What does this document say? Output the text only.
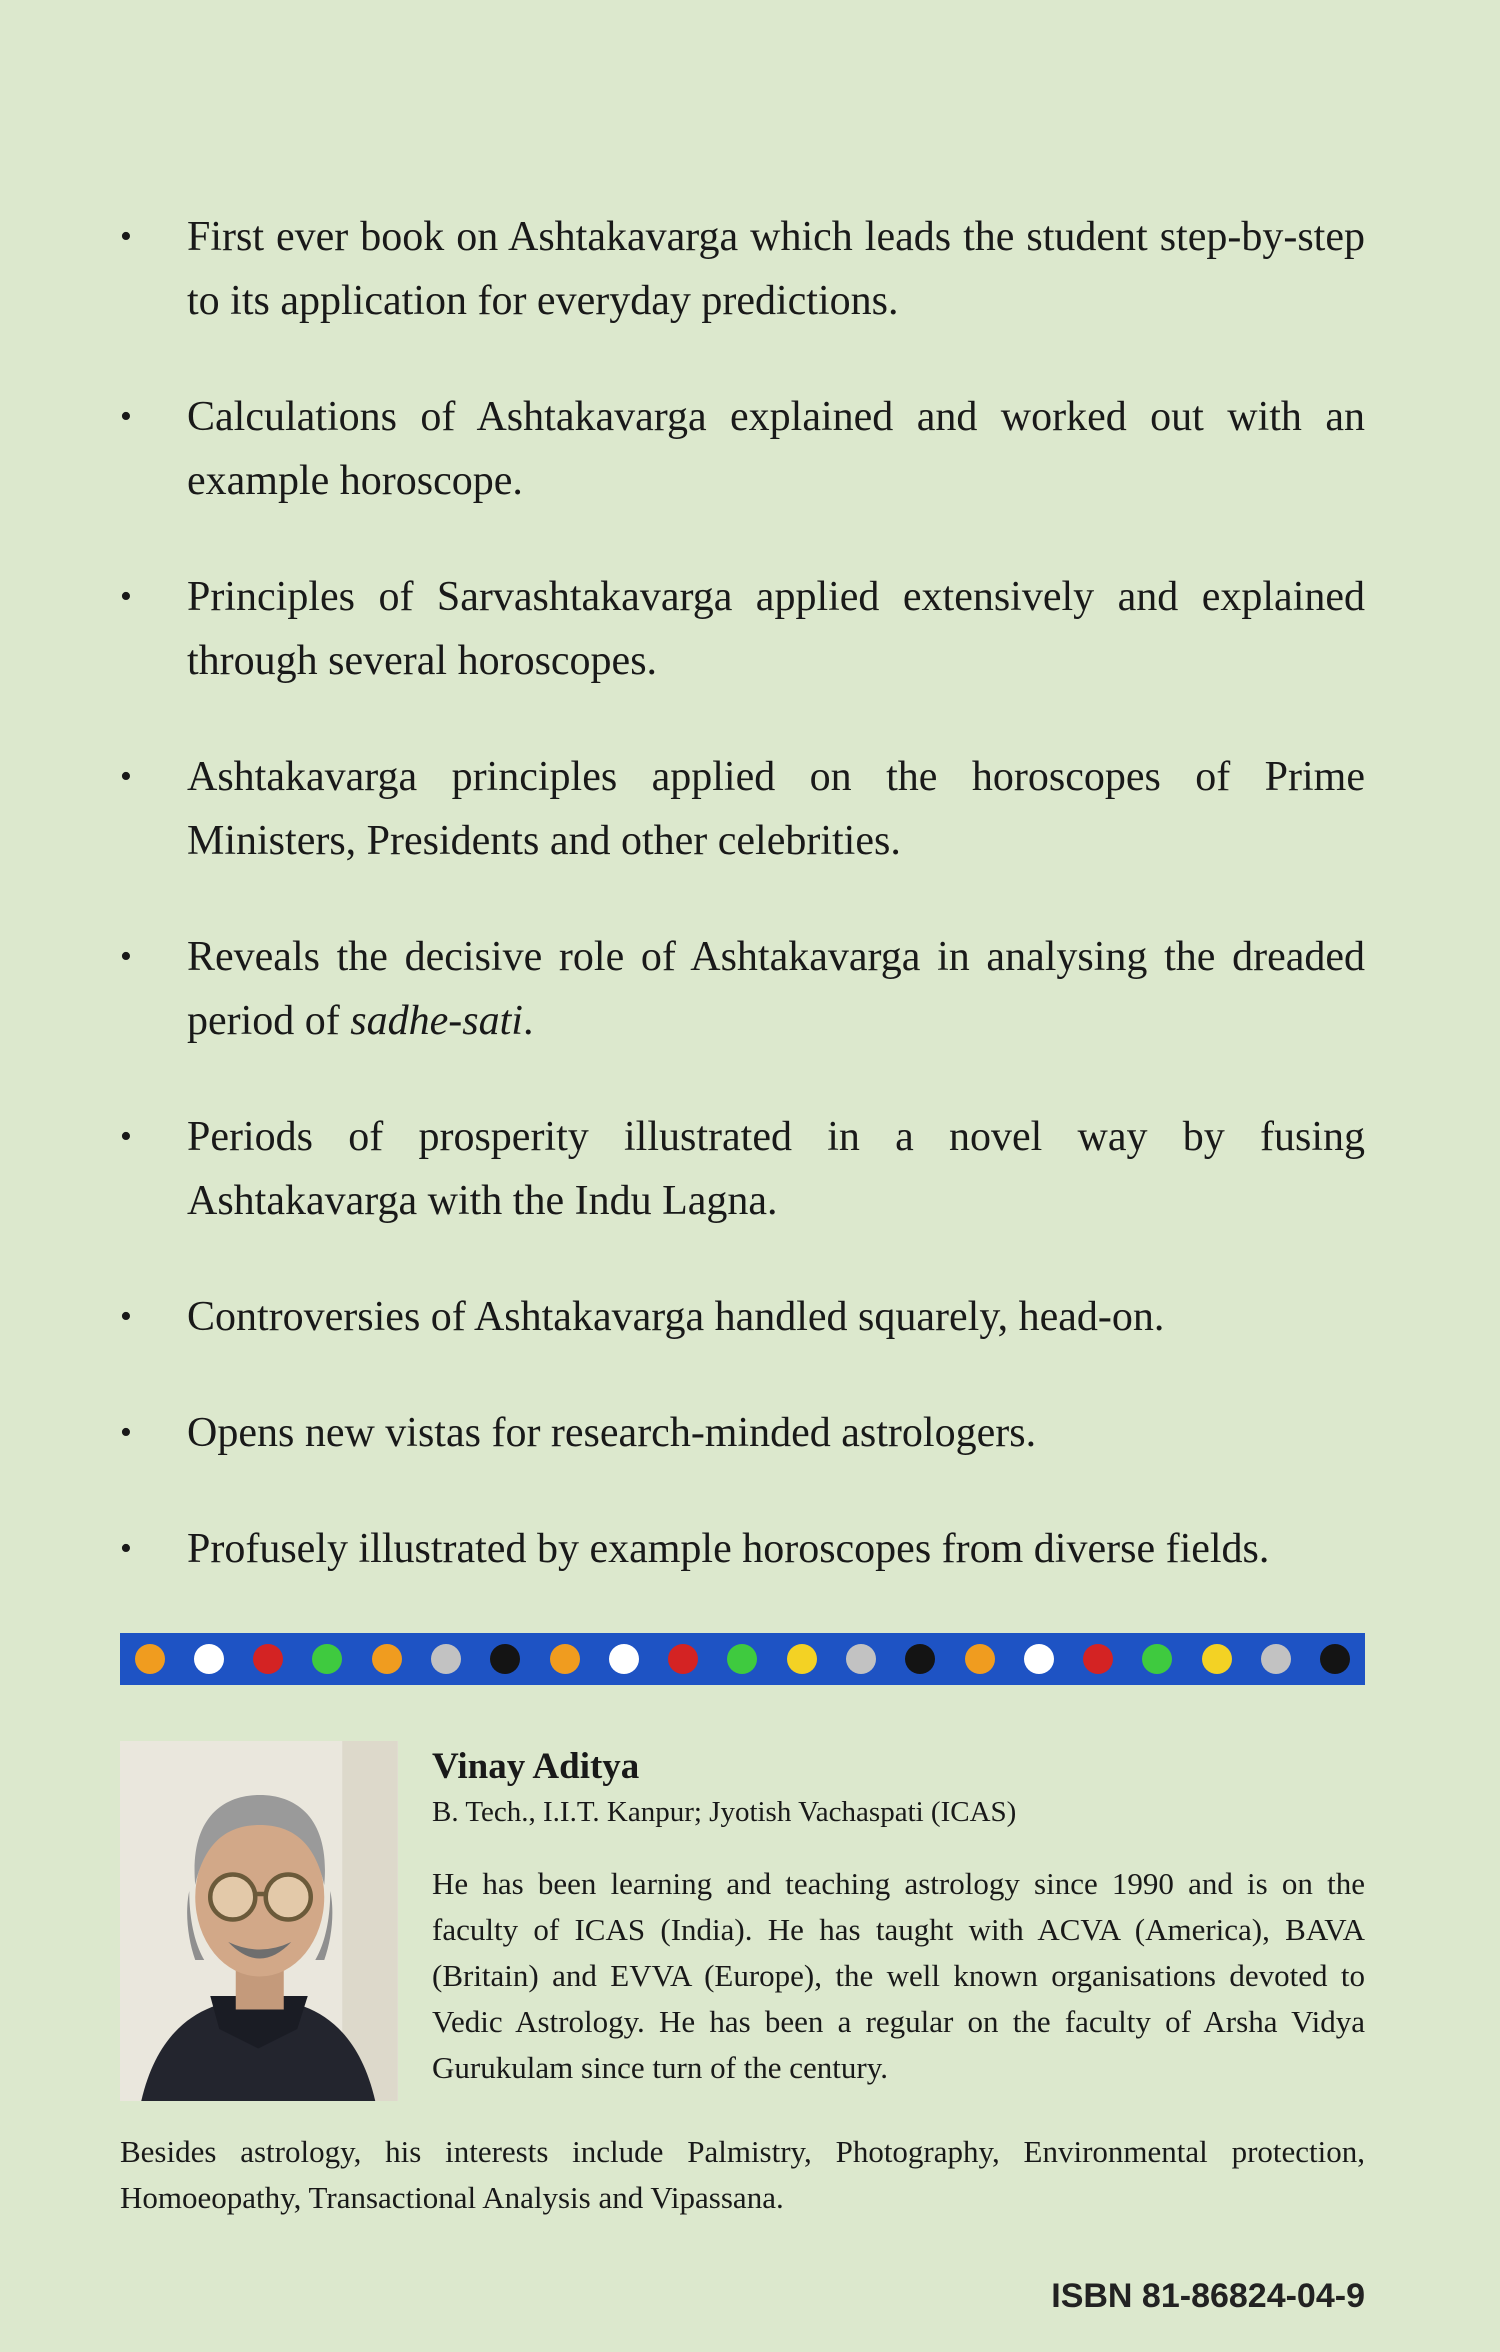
•	First ever book on Ashtakavarga which leads the student step-by-step to its application for everyday predictions.
•	Calculations of Ashtakavarga explained and worked out with an example horoscope.
•	Principles of Sarvashtakavarga applied extensively and explained through several horoscopes.
•	Ashtakavarga principles applied on the horoscopes of Prime Ministers, Presidents and other celebrities.
•	Reveals the decisive role of Ashtakavarga in analysing the dreaded period of sadhe-sati.
•	Periods of prosperity illustrated in a novel way by fusing Ashtakavarga with the Indu Lagna.
•	Controversies of Ashtakavarga handled squarely, head-on.
•	Opens new vistas for research-minded astrologers.
•	Profusely illustrated by example horoscopes from diverse fields.
Vinay Aditya
B. Tech., I.I.T. Kanpur; Jyotish Vachaspati (ICAS)
He has been learning and teaching astrology since 1990 and is on the faculty of ICAS (India). He has taught with ACVA (America), BAVA (Britain) and EVVA (Europe), the well known organisations devoted to Vedic Astrology. He has been a regular on the faculty of Arsha Vidya Gurukulam since turn of the century.
Besides astrology, his interests include Palmistry, Photography, Environmental protection, Homoeopathy, Transactional Analysis and Vipassana.
ISBN 81-86824-04-9
